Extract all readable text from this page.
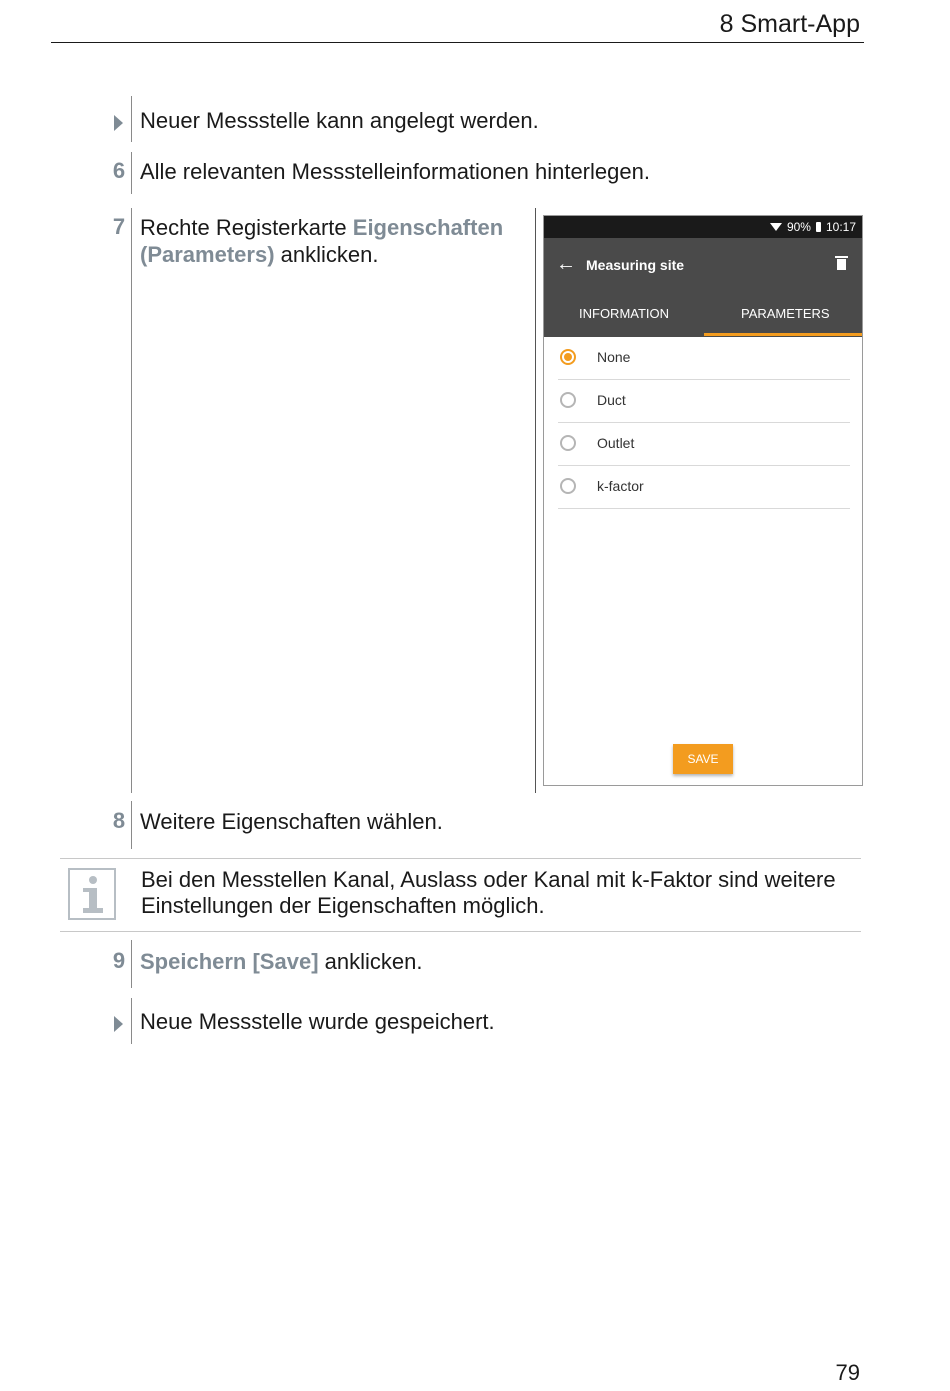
8 Smart-App
Neuer Messstelle kann angelegt werden.
6 Alle relevanten Messstelleinformationen hinterlegen.
7 Rechte Registerkarte Eigenschaften (Parameters) anklicken.
90% 10:17
← Measuring site
INFORMATION	PARAMETERS
None
Duct
Outlet
k-factor
SAVE
8 Weitere Eigenschaften wählen.
Bei den Messtellen Kanal, Auslass oder Kanal mit k-Faktor sind weitere Einstellungen der Eigenschaften möglich.
9 Speichern [Save] anklicken.
Neue Messstelle wurde gespeichert.
79
